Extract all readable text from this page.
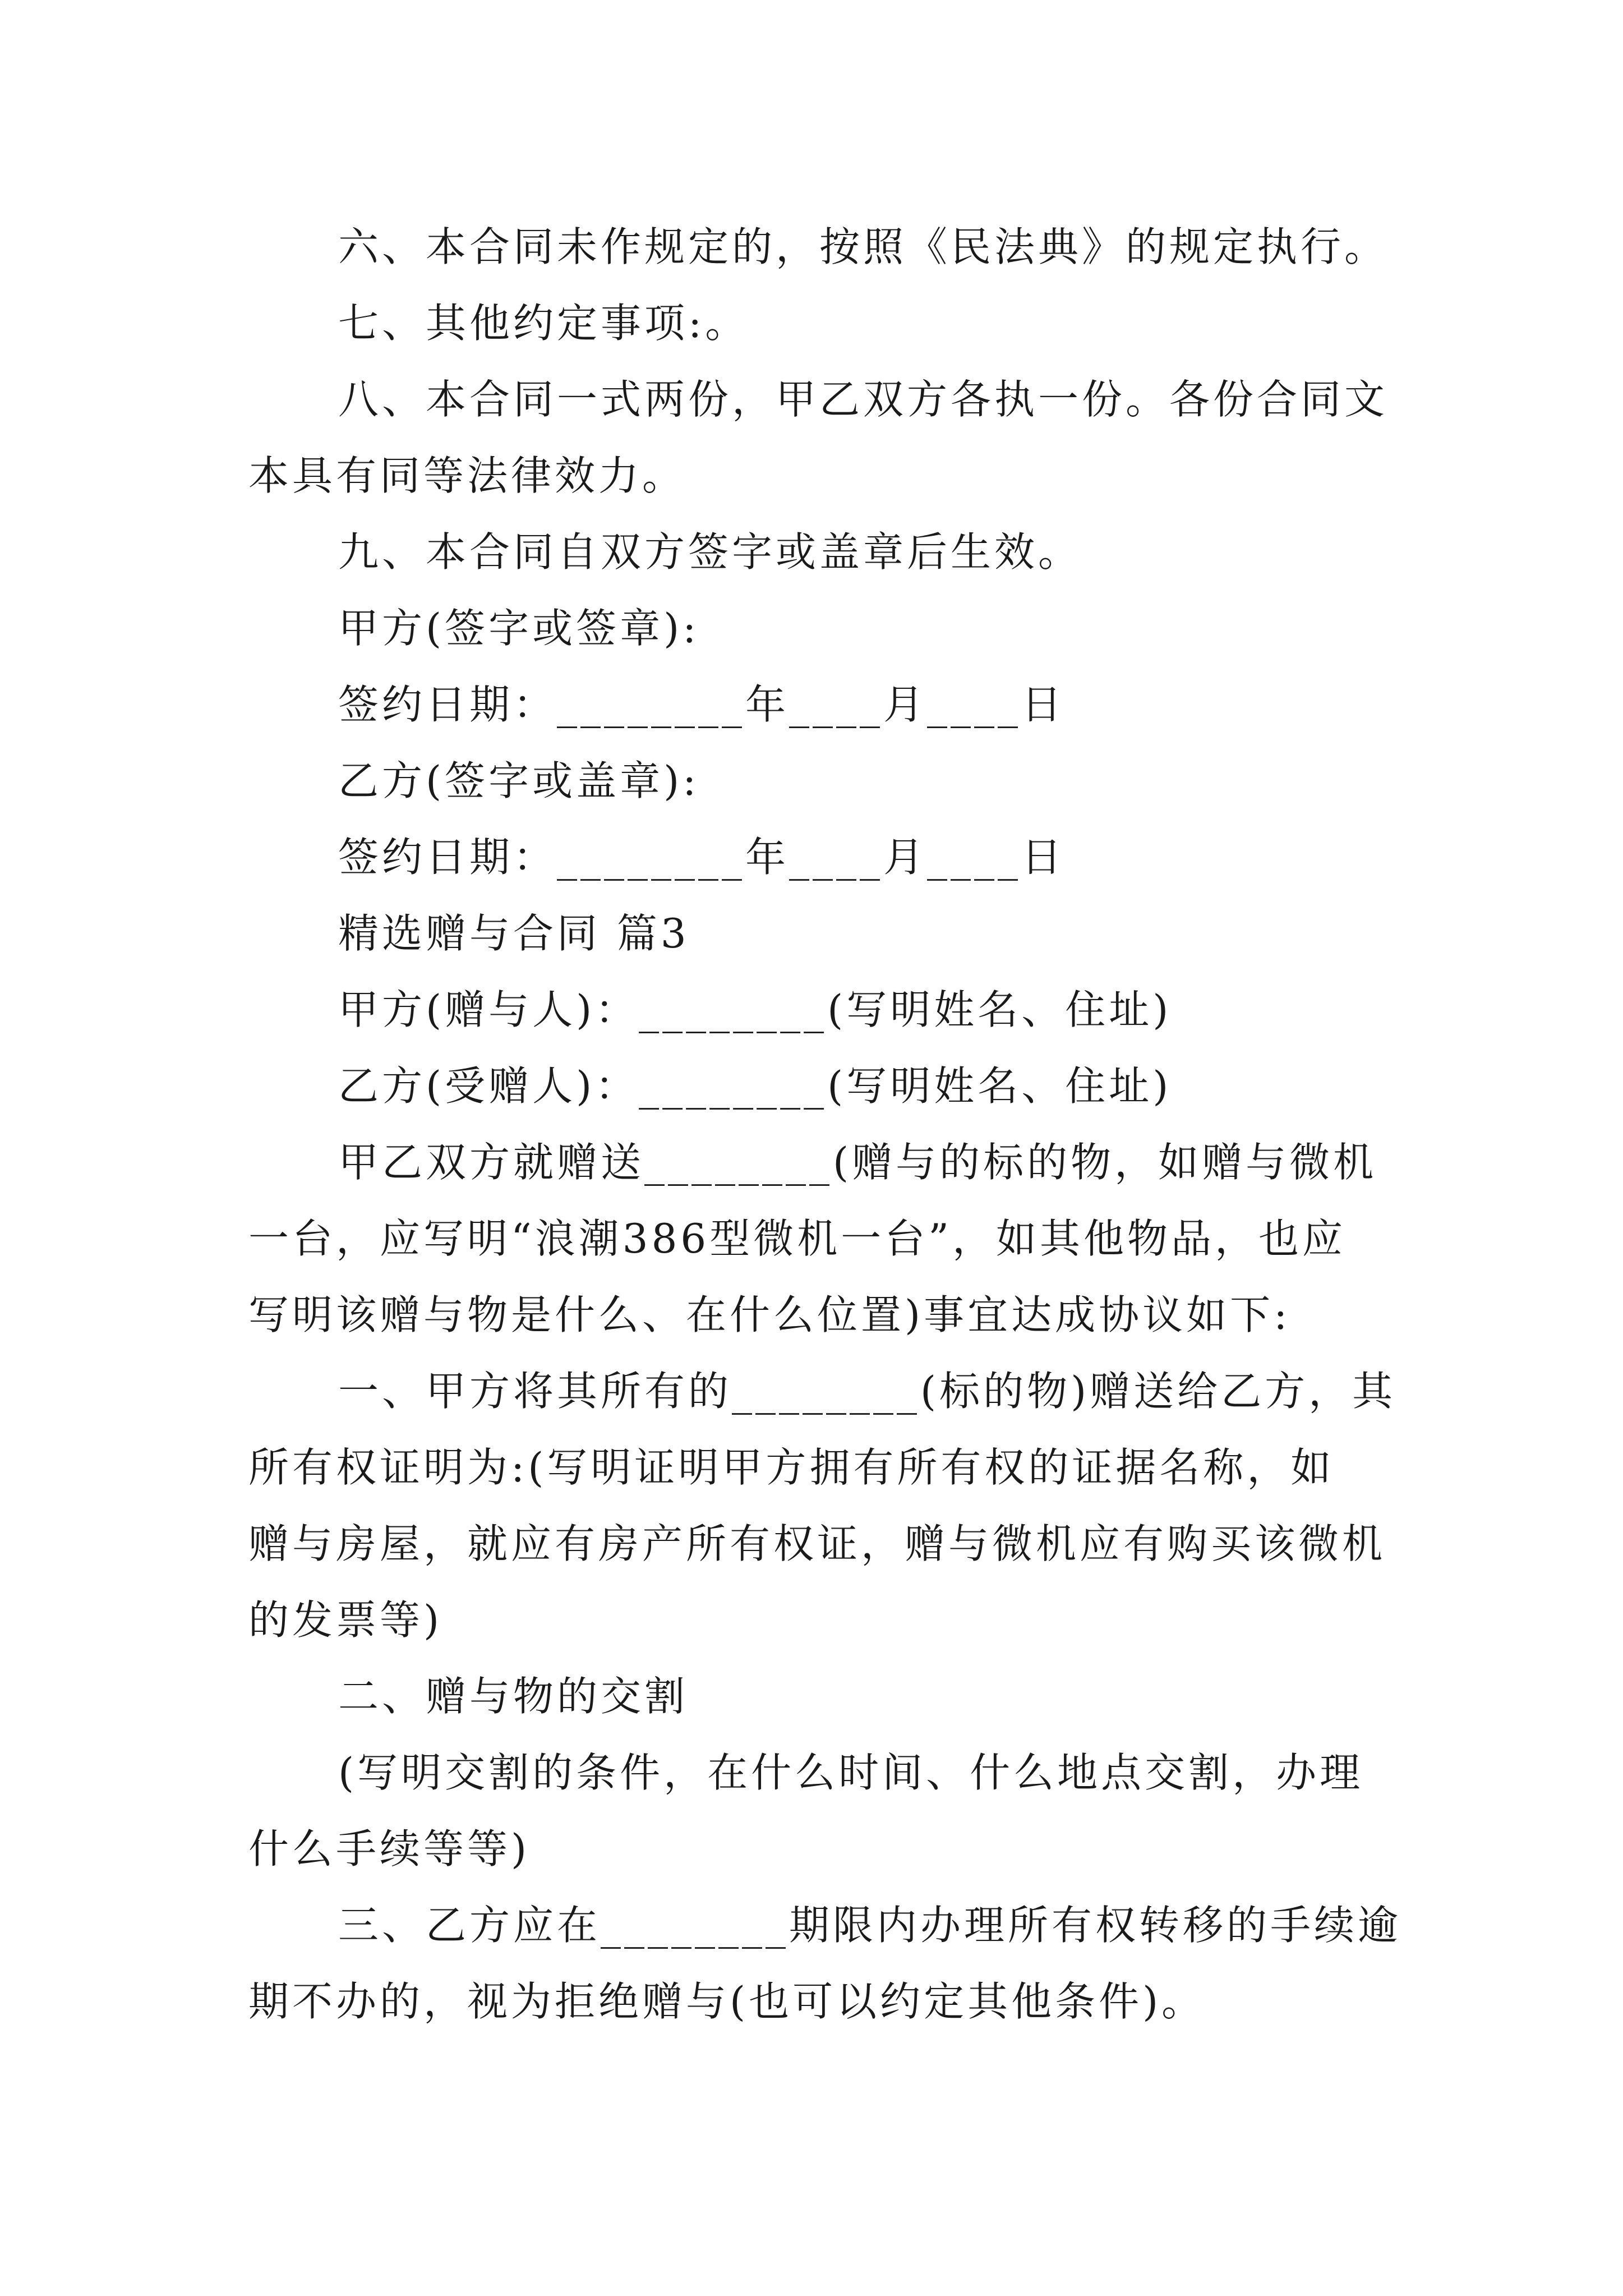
六、本合同未作规定的，按照《民法典》的规定执行。
七、其他约定事项:。
八、本合同一式两份，甲乙双方各执一份。各份合同文
本具有同等法律效力。
九、本合同自双方签字或盖章后生效。
甲方(签字或签章):
签约日期：________年____月____日
乙方(签字或盖章):
签约日期：________年____月____日
精选赠与合同 篇3
甲方(赠与人)：________(写明姓名、住址)
乙方(受赠人)：________(写明姓名、住址)
甲乙双方就赠送________(赠与的标的物，如赠与微机
一台，应写明“浪潮386型微机一台”，如其他物品，也应
写明该赠与物是什么、在什么位置)事宜达成协议如下:
一、甲方将其所有的________(标的物)赠送给乙方，其
所有权证明为:(写明证明甲方拥有所有权的证据名称，如
赠与房屋，就应有房产所有权证，赠与微机应有购买该微机
的发票等)
二、赠与物的交割
(写明交割的条件，在什么时间、什么地点交割，办理
什么手续等等)
三、乙方应在________期限内办理所有权转移的手续逾
期不办的，视为拒绝赠与(也可以约定其他条件)。
